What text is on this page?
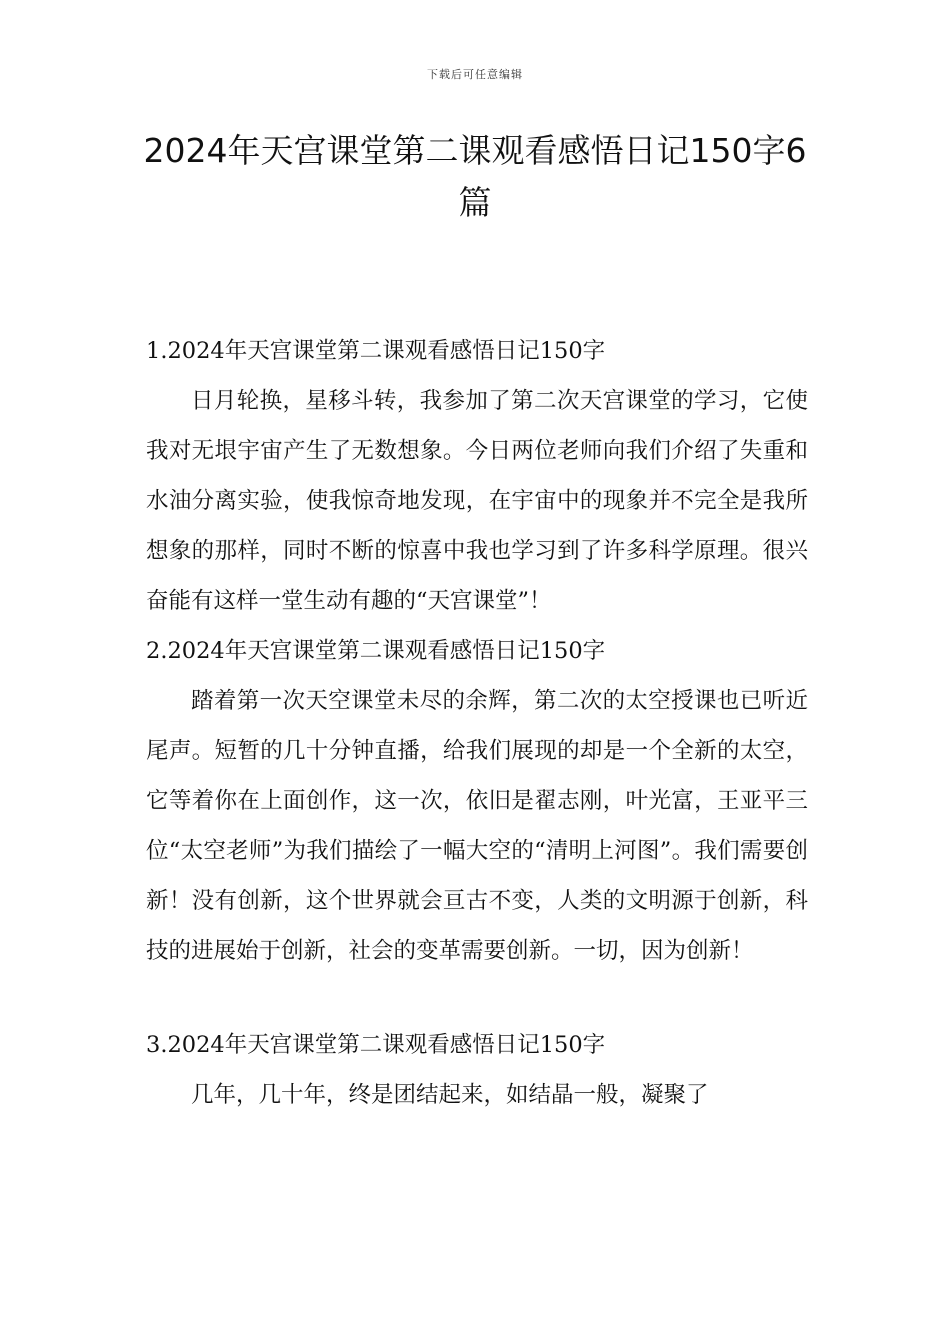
下载后可任意编辑
2024年天宫课堂第二课观看感悟日记150字6篇
1.2024年天宫课堂第二课观看感悟日记150字

日月轮换，星移斗转，我参加了第二次天宫课堂的学习，它使我对无垠宇宙产生了无数想象。今日两位老师向我们介绍了失重和水油分离实验，使我惊奇地发现，在宇宙中的现象并不完全是我所想象的那样，同时不断的惊喜中我也学习到了许多科学原理。很兴奋能有这样一堂生动有趣的“天宫课堂”！

2.2024年天宫课堂第二课观看感悟日记150字

踏着第一次天空课堂未尽的余辉，第二次的太空授课也已听近尾声。短暂的几十分钟直播，给我们展现的却是一个全新的太空，它等着你在上面创作，这一次，依旧是翟志刚，叶光富，王亚平三位“太空老师”为我们描绘了一幅大空的“清明上河图”。我们需要创新！没有创新，这个世界就会亘古不变，人类的文明源于创新，科技的进展始于创新，社会的变革需要创新。一切，因为创新！

3.2024年天宫课堂第二课观看感悟日记150字

几年，几十年，终是团结起来，如结晶一般，凝聚了
